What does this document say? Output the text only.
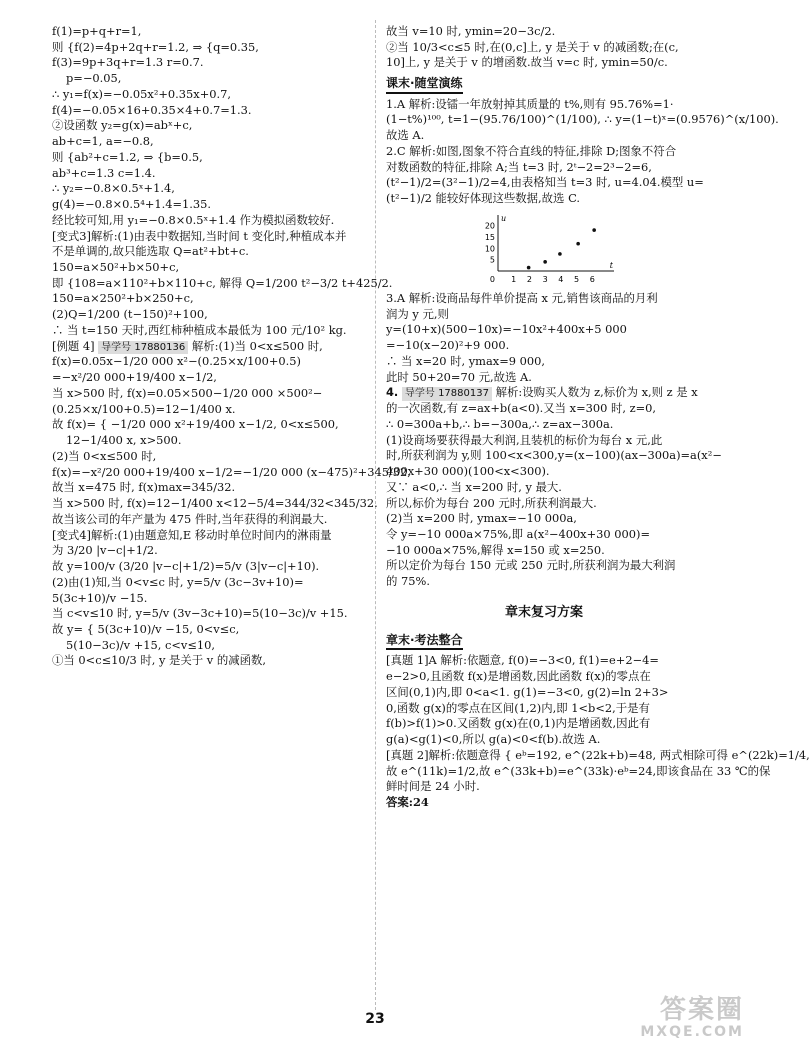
f(1)=p+q+r=1,

则 {f(2)=4p+2q+r=1.2, ⇒ {q=0.35,

f(3)=9p+3q+r=1.3 r=0.7.

p=−0.05,

∴ y₁=f(x)=−0.05x²+0.35x+0.7,

f(4)=−0.05×16+0.35×4+0.7=1.3.

②设函数 y₂=g(x)=abˣ+c,

ab+c=1, a=−0.8,

则 {ab²+c=1.2, ⇒ {b=0.5,

ab³+c=1.3 c=1.4.

∴ y₂=−0.8×0.5ˣ+1.4,

g(4)=−0.8×0.5⁴+1.4=1.35.

经比较可知,用 y₁=−0.8×0.5ˣ+1.4 作为模拟函数较好.

[变式3]解析:(1)由表中数据知,当时间 t 变化时,种植成本并

不是单调的,故只能选取 Q=at²+bt+c.

150=a×50²+b×50+c,

即 {108=a×110²+b×110+c, 解得 Q=1/200 t²−3/2 t+425/2.

150=a×250²+b×250+c,

(2)Q=1/200 (t−150)²+100,

∴ 当 t=150 天时,西红柿种植成本最低为 100 元/10² kg.

[例题 4] 导学号 17880136 解析:(1)当 0<x≤500 时,

f(x)=0.05x−1/20 000 x²−(0.25×x/100+0.5)

=−x²/20 000+19/400 x−1/2,

当 x>500 时, f(x)=0.05×500−1/20 000 ×500²−

(0.25×x/100+0.5)=12−1/400 x.

故 f(x)= { −1/20 000 x²+19/400 x−1/2, 0<x≤500,

12−1/400 x, x>500.

(2)当 0<x≤500 时,

f(x)=−x²/20 000+19/400 x−1/2=−1/20 000 (x−475)²+345/32,

故当 x=475 时, f(x)max=345/32.

当 x>500 时, f(x)=12−1/400 x<12−5/4=344/32<345/32.

故当该公司的年产量为 475 件时,当年获得的利润最大.

[变式4]解析:(1)由题意知,E 移动时单位时间内的淋雨量

为 3/20 |v−c|+1/2.

故 y=100/v (3/20 |v−c|+1/2)=5/v (3|v−c|+10).

(2)由(1)知,当 0<v≤c 时, y=5/v (3c−3v+10)=

5(3c+10)/v −15.

当 c<v≤10 时, y=5/v (3v−3c+10)=5(10−3c)/v +15.

故 y= { 5(3c+10)/v −15, 0<v≤c,

5(10−3c)/v +15, c<v≤10,

①当 0<c≤10/3 时, y 是关于 v 的减函数,

故当 v=10 时, ymin=20−3c/2.

②当 10/3<c≤5 时,在(0,c]上, y 是关于 v 的减函数;在(c,

10]上, y 是关于 v 的增函数.故当 v=c 时, ymin=50/c.

课末·随堂演练

1.A 解析:设镭一年放射掉其质量的 t%,则有 95.76%=1·

(1−t%)¹⁰⁰, t=1−(95.76/100)^(1/100), ∴ y=(1−t)ˣ=(0.9576)^(x/100).

故选 A.

2.C 解析:如图,图象不符合直线的特征,排除 D;图象不符合

对数函数的特征,排除 A;当 t=3 时, 2ᵗ−2=2³−2=6,

(t²−1)/2=(3²−1)/2=4,由表格知当 t=3 时, u=4.04.模型 u=

(t²−1)/2 能较好体现这些数据,故选 C.

1 2 3 4 5 6
5
10
15
20
0
t
u

3.A 解析:设商品每件单价提高 x 元,销售该商品的月利

润为 y 元,则

y=(10+x)(500−10x)=−10x²+400x+5 000

=−10(x−20)²+9 000.

∴ 当 x=20 时, ymax=9 000,

此时 50+20=70 元,故选 A.

4. 导学号 17880137 解析:设购买人数为 z,标价为 x,则 z 是 x

的一次函数,有 z=ax+b(a<0).又当 x=300 时, z=0,

∴ 0=300a+b,∴ b=−300a,∴ z=ax−300a.

(1)设商场要获得最大利润,且装机的标价为每台 x 元,此

时,所获利润为 y,则 100<x<300,y=(x−100)(ax−300a)=a(x²−

400x+30 000)(100<x<300).

又∵ a<0,∴ 当 x=200 时, y 最大.

所以,标价为每台 200 元时,所获利润最大.

(2)当 x=200 时, ymax=−10 000a,

令 y=−10 000a×75%,即 a(x²−400x+30 000)=

−10 000a×75%,解得 x=150 或 x=250.

所以定价为每台 150 元或 250 元时,所获利润为最大利润

的 75%.

章末复习方案
章末·考法整合

[真题 1]A 解析:依题意, f(0)=−3<0, f(1)=e+2−4=

e−2>0,且函数 f(x)是增函数,因此函数 f(x)的零点在

区间(0,1)内,即 0<a<1. g(1)=−3<0, g(2)=ln 2+3>

0,函数 g(x)的零点在区间(1,2)内,即 1<b<2,于是有

f(b)>f(1)>0.又函数 g(x)在(0,1)内是增函数,因此有

g(a)<g(1)<0,所以 g(a)<0<f(b).故选 A.

[真题 2]解析:依题意得 { eᵇ=192, e^(22k+b)=48, 两式相除可得 e^(22k)=1/4,

故 e^(11k)=1/2,故 e^(33k+b)=e^(33k)·eᵇ=24,即该食品在 33 ℃的保

鲜时间是 24 小时.

答案:24

23	答案圈
MXQE.COM
